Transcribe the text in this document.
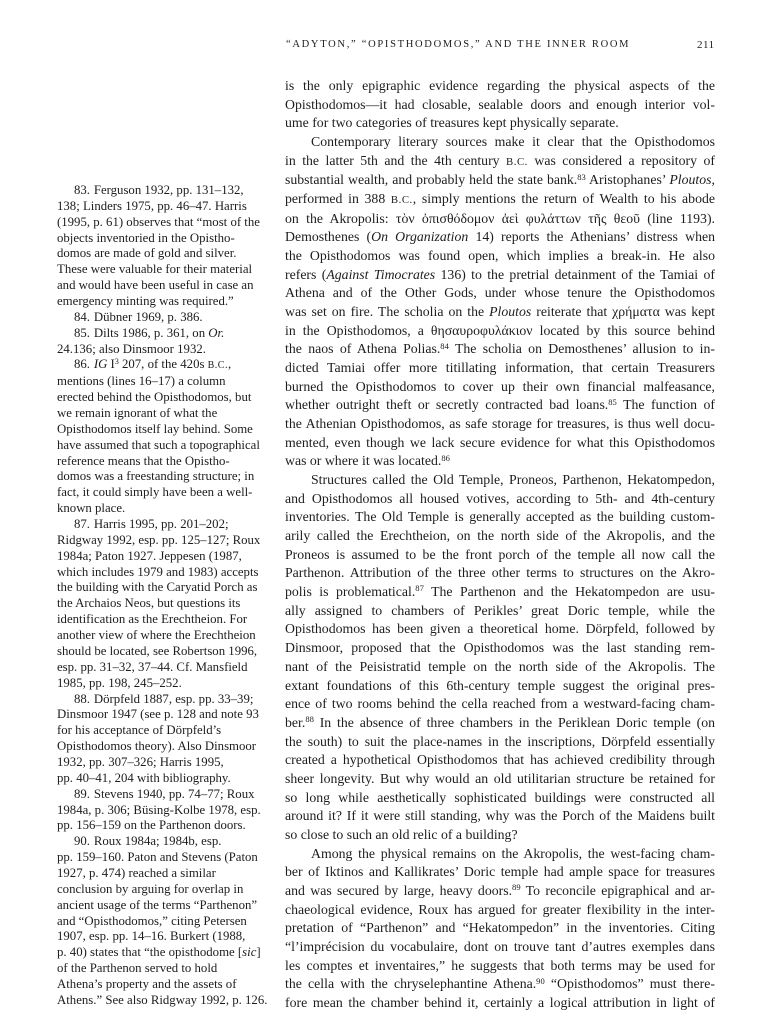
“ADYTON,” “OPISTHODOMOS,” AND THE INNER ROOM	211
83. Ferguson 1932, pp. 131–132,
138; Linders 1975, pp. 46–47. Harris
(1995, p. 61) observes that “most of the
objects inventoried in the Opistho-
domos are made of gold and silver.
These were valuable for their material
and would have been useful in case an
emergency minting was required.”
84. Dübner 1969, p. 386.
85. Dilts 1986, p. 361, on Or.
24.136; also Dinsmoor 1932.
86. IG $I^3$ 207, of the 420s B.C.,
mentions (lines 16–17) a column
erected behind the Opisthodomos, but
we remain ignorant of what the
Opisthodomos itself lay behind. Some
have assumed that such a topographical
reference means that the Opistho-
domos was a freestanding structure; in
fact, it could simply have been a well-
known place.
87. Harris 1995, pp. 201–202;
Ridgway 1992, esp. pp. 125–127; Roux
1984a; Paton 1927. Jeppesen (1987,
which includes 1979 and 1983) accepts
the building with the Caryatid Porch as
the Archaios Neos, but questions its
identification as the Erechtheion. For
another view of where the Erechtheion
should be located, see Robertson 1996,
esp. pp. 31–32, 37–44. Cf. Mansfield
1985, pp. 198, 245–252.
88. Dörpfeld 1887, esp. pp. 33–39;
Dinsmoor 1947 (see p. 128 and note 93
for his acceptance of Dörpfeld’s
Opisthodomos theory). Also Dinsmoor
1932, pp. 307–326; Harris 1995,
pp. 40–41, 204 with bibliography.
89. Stevens 1940, pp. 74–77; Roux
1984a, p. 306; Büsing-Kolbe 1978, esp.
pp. 156–159 on the Parthenon doors.
90. Roux 1984a; 1984b, esp.
pp. 159–160. Paton and Stevens (Paton
1927, p. 474) reached a similar
conclusion by arguing for overlap in
ancient usage of the terms “Parthenon”
and “Opisthodomos,” citing Petersen
1907, esp. pp. 14–16. Burkert (1988,
p. 40) states that “the opisthodome [sic]
of the Parthenon served to hold
Athena’s property and the assets of
Athens.” See also Ridgway 1992, p. 126.
is the only epigraphic evidence regarding the physical aspects of the
Opisthodomos—it had closable, sealable doors and enough interior vol-
ume for two categories of treasures kept physically separate.
Contemporary literary sources make it clear that the Opisthodomos
in the latter 5th and the 4th century B.C. was considered a repository of
substantial wealth, and probably held the state bank.$^{83}$ Aristophanes’ Ploutos,
performed in 388 B.C., simply mentions the return of Wealth to his abode
on the Akropolis: τὸν ὀπισθόδομον ἀεὶ φυλάττων τῆς θεοῦ (line 1193).
Demosthenes (On Organization 14) reports the Athenians’ distress when
the Opisthodomos was found open, which implies a break-in. He also
refers (Against Timocrates 136) to the pretrial detainment of the Tamiai of
Athena and of the Other Gods, under whose tenure the Opisthodomos
was set on fire. The scholia on the Ploutos reiterate that χρήματα was kept
in the Opisthodomos, a θησαυροφυλάκιον located by this source behind
the naos of Athena Polias.$^{84}$ The scholia on Demosthenes’ allusion to in-
dicted Tamiai offer more titillating information, that certain Treasurers
burned the Opisthodomos to cover up their own financial malfeasance,
whether outright theft or secretly contracted bad loans.$^{85}$ The function of
the Athenian Opisthodomos, as safe storage for treasures, is thus well docu-
mented, even though we lack secure evidence for what this Opisthodomos
was or where it was located.$^{86}$
Structures called the Old Temple, Proneos, Parthenon, Hekatompedon,
and Opisthodomos all housed votives, according to 5th- and 4th-century
inventories. The Old Temple is generally accepted as the building custom-
arily called the Erechtheion, on the north side of the Akropolis, and the
Proneos is assumed to be the front porch of the temple all now call the
Parthenon. Attribution of the three other terms to structures on the Akro-
polis is problematical.$^{87}$ The Parthenon and the Hekatompedon are usu-
ally assigned to chambers of Perikles’ great Doric temple, while the
Opisthodomos has been given a theoretical home. Dörpfeld, followed by
Dinsmoor, proposed that the Opisthodomos was the last standing rem-
nant of the Peisistratid temple on the north side of the Akropolis. The
extant foundations of this 6th-century temple suggest the original pres-
ence of two rooms behind the cella reached from a westward-facing cham-
ber.$^{88}$ In the absence of three chambers in the Periklean Doric temple (on
the south) to suit the place-names in the inscriptions, Dörpfeld essentially
created a hypothetical Opisthodomos that has achieved credibility through
sheer longevity. But why would an old utilitarian structure be retained for
so long while aesthetically sophisticated buildings were constructed all
around it? If it were still standing, why was the Porch of the Maidens built
so close to such an old relic of a building?
Among the physical remains on the Akropolis, the west-facing cham-
ber of Iktinos and Kallikrates’ Doric temple had ample space for treasures
and was secured by large, heavy doors.$^{89}$ To reconcile epigraphical and ar-
chaeological evidence, Roux has argued for greater flexibility in the inter-
pretation of “Parthenon” and “Hekatompedon” in the inventories. Citing
“l’imprécision du vocabulaire, dont on trouve tant d’autres exemples dans
les comptes et inventaires,” he suggests that both terms may be used for
the cella with the chryselephantine Athena.$^{90}$ “Opisthodomos” must there-
fore mean the chamber behind it, certainly a logical attribution in light of
